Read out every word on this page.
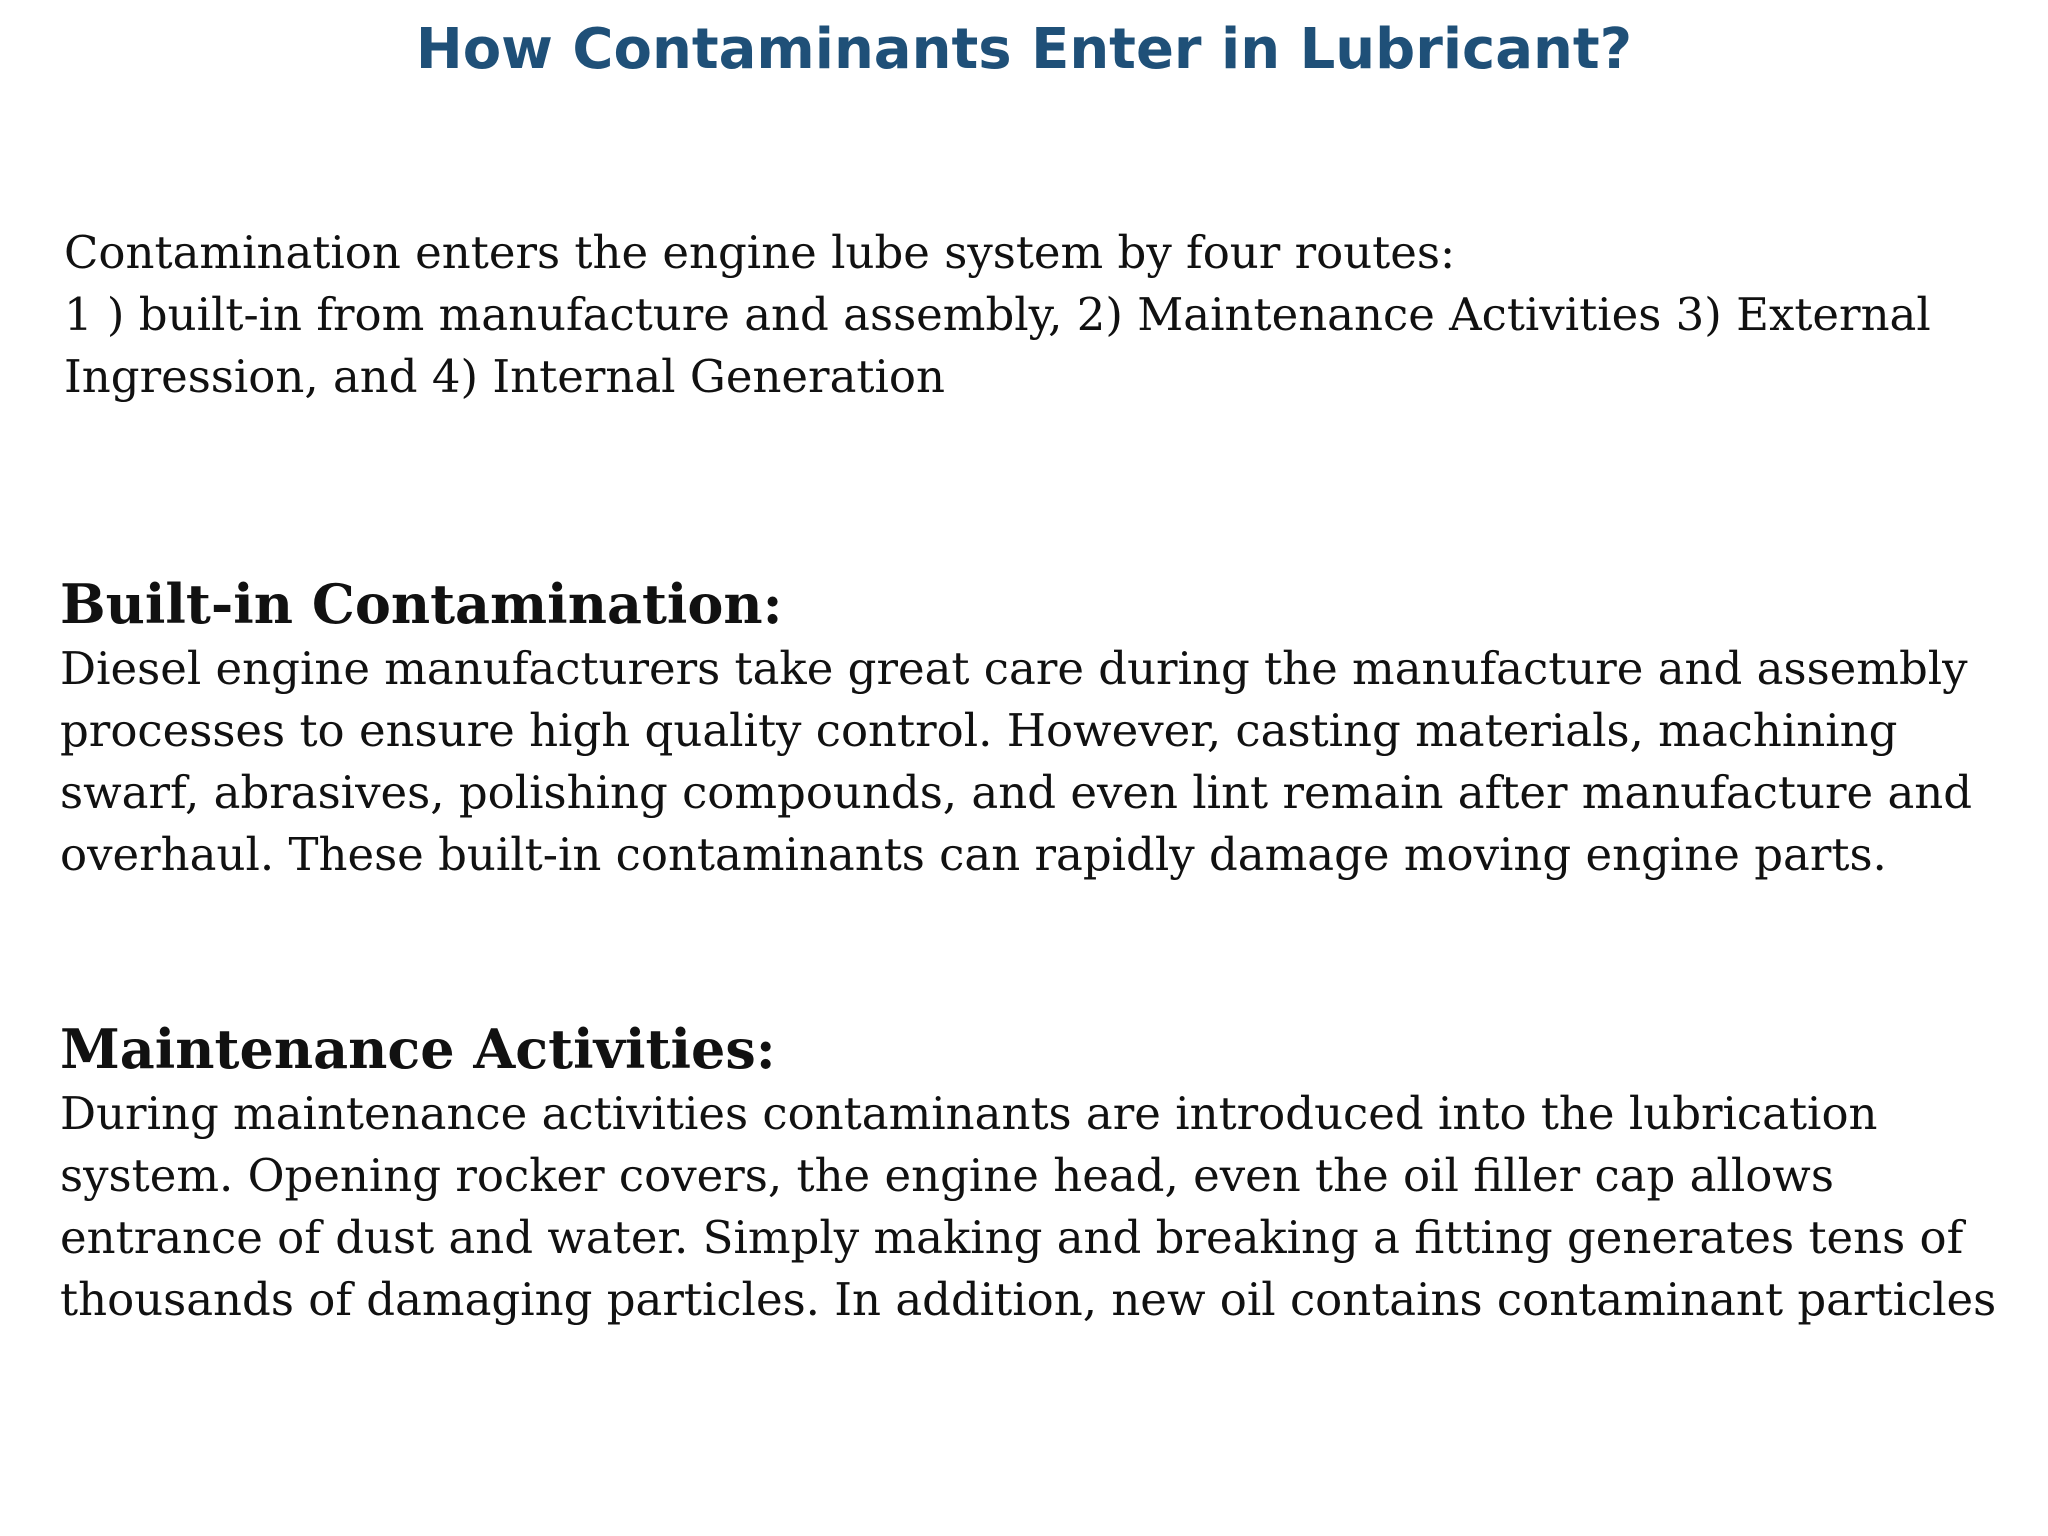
How Contaminants Enter in Lubricant?

Contamination enters the engine lube system by four routes:
1 ) built-in from manufacture and assembly, 2) Maintenance Activities 3) External
Ingression, and 4) Internal Generation

Built-in Contamination:

Diesel engine manufacturers take great care during the manufacture and assembly
processes to ensure high quality control. However, casting materials, machining
swarf, abrasives, polishing compounds, and even lint remain after manufacture and
overhaul. These built-in contaminants can rapidly damage moving engine parts.

Maintenance Activities:

During maintenance activities contaminants are introduced into the lubrication
system. Opening rocker covers, the engine head, even the oil filler cap allows
entrance of dust and water. Simply making and breaking a fitting generates tens of
thousands of damaging particles. In addition, new oil contains contaminant particles
